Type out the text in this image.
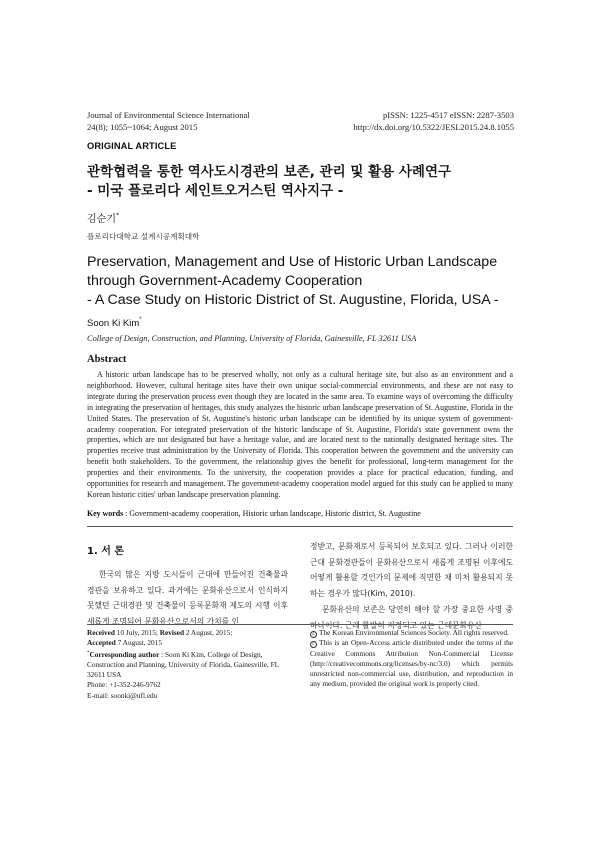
Journal of Environmental Science International
24(8); 1055~1064; August 2015
pISSN: 1225-4517 eISSN: 2287-3503
http://dx.doi.org/10.5322/JESI.2015.24.8.1055
ORIGINAL ARTICLE
관학협력을 통한 역사도시경관의 보존, 관리 및 활용 사례연구
- 미국 플로리다 세인트오거스틴 역사지구 -
김순기*
플로리다대학교 설계시공계획대학
Preservation, Management and Use of Historic Urban Landscape
through Government-Academy Cooperation
- A Case Study on Historic District of St. Augustine, Florida, USA -
Soon Ki Kim*
College of Design, Construction, and Planning, University of Florida, Gainesville, FL 32611 USA
Abstract
A historic urban landscape has to be preserved wholly, not only as a cultural heritage site, but also as an environment and a neighborhood. However, cultural heritage sites have their own unique social-commercial environments, and these are not easy to integrate during the preservation process even though they are located in the same area. To examine ways of overcoming the difficulty in integrating the preservation of heritages, this study analyzes the historic urban landscape preservation of St. Augustine, Florida in the United States. The preservation of St. Augustine's historic urban landscape can be identified by its unique system of government-academy cooperation. For integrated preservation of the historic landscape of St. Augustine, Florida's state government owns the properties, which are not designated but have a heritage value, and are located next to the nationally designated heritage sites. The properties receive trust administration by the University of Florida. This cooperation between the government and the university can benefit both stakeholders. To the government, the relationship gives the benefit for professional, long-term management for the properties and their environments. To the university, the cooperation provides a place for practical education, funding, and opportunities for research and management. The government-academy cooperation model argued for this study can be applied to many Korean historic cities' urban landscape preservation planning.
Key words : Government-academy cooperation, Historic urban landscape, Historic district, St. Augustine
1. 서 론

한국의 많은 지방 도시들이 근대에 만들어진 건축물과 경관을 보유하고 있다. 과거에는 문화유산으로서 인식하지 못했던 근대경관 및 건축물이 등록문화재 제도의 시행 이후 새롭게 조명되어 문화유산으로서의 가치를 인

정받고, 문화재로서 등록되어 보호되고 있다. 그러나 이러한 근대 문화경관들이 문화유산으로서 새롭게 조명된 이후에도 어떻게 활용할 것인가의 문제에 직면한 채 미처 활용되지 못하는 경우가 많다(Kim, 2010).

문화유산의 보존은 당연히 해야 할 가장 중요한 사명 중 하나이다. 근래 활발히 지정되고 있는 근대문화유산

Received 10 July, 2015; Revised 2 August, 2015;
Accepted 7 August, 2015
*Corresponding author : Soon Ki Kim, College of Design, Construction and Planning, University of Florida, Gainesville, FL 32611 USA
Phone: +1-352-246-9762
E-mail: soonki@ufl.edu
c The Korean Environmental Sciences Society. All rights reserved.
c This is an Open-Access article distributed under the terms of the Creative Commons Attribution Non-Commercial License (http://creativecommons.org/licenses/by-nc/3.0) which permits unrestricted non-commercial use, distribution, and reproduction in any medium, provided the original work is properly cited.
